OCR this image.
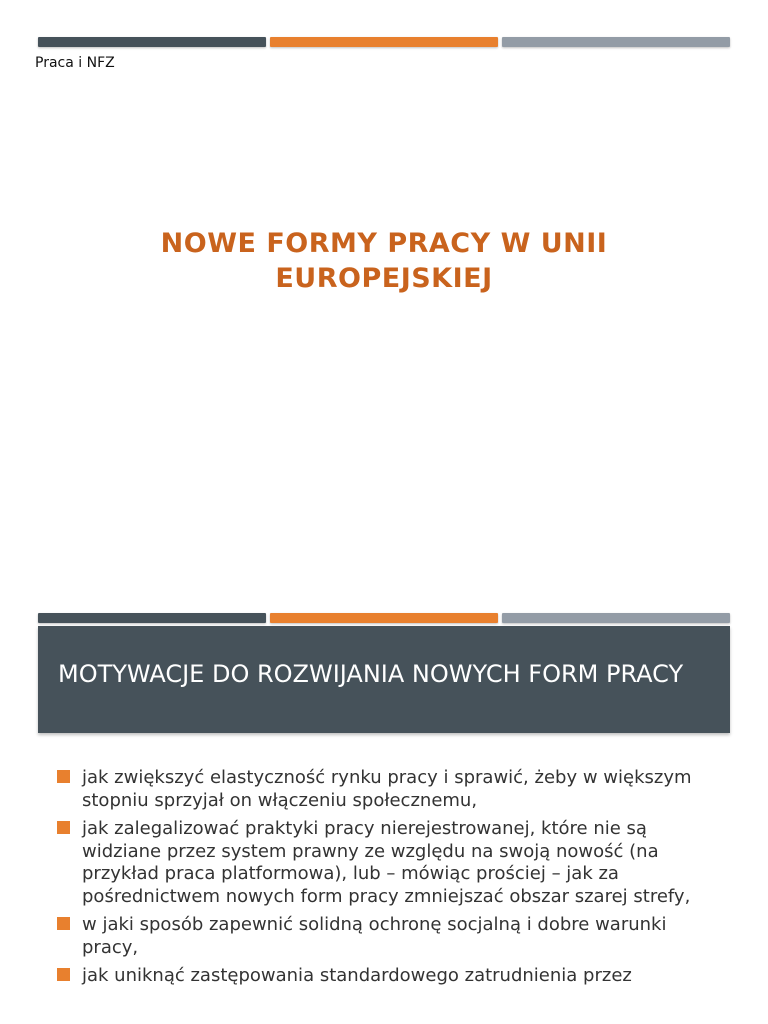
Praca i NFZ
NOWE FORMY PRACY W UNII
EUROPEJSKIEJ
MOTYWACJE DO ROZWIJANIA NOWYCH FORM PRACY
jak zwiększyć elastyczność rynku pracy i sprawić, żeby w większym stopniu sprzyjał on włączeniu społecznemu,
jak zalegalizować praktyki pracy nierejestrowanej, które nie są widziane przez system prawny ze względu na swoją nowość (na przykład praca platformowa), lub – mówiąc prościej – jak za pośrednictwem nowych form pracy zmniejszać obszar szarej strefy,
w jaki sposób zapewnić solidną ochronę socjalną i dobre warunki pracy,
jak uniknąć zastępowania standardowego zatrudnienia przez
